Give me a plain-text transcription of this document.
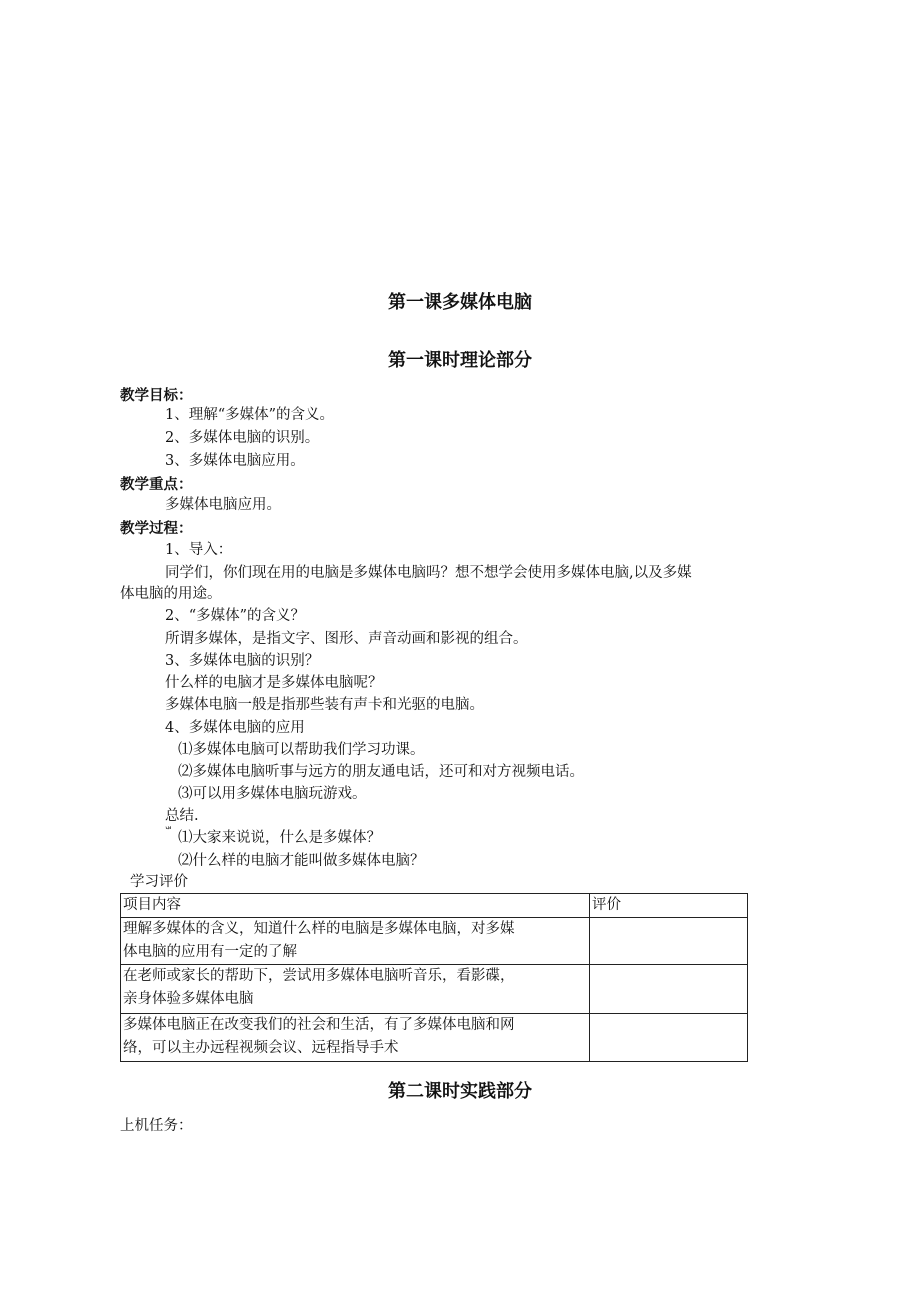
第一课多媒体电脑
第一课时理论部分
教学目标：
1、理解“多媒体”的含义。
2、多媒体电脑的识别。
3、多媒体电脑应用。
教学重点：
多媒体电脑应用。
教学过程：
1、导入：
同学们，你们现在用的电脑是多媒体电脑吗？想不想学会使用多媒体电脑,以及多媒
体电脑的用途。
2、“多媒体”的含义？
所谓多媒体，是指文字、图形、声音动画和影视的组合。
3、多媒体电脑的识别？
什么样的电脑才是多媒体电脑呢？
多媒体电脑一般是指那些装有声卡和光驱的电脑。
4、多媒体电脑的应用
⑴多媒体电脑可以帮助我们学习功课。
⑵多媒体电脑听事与远方的朋友通电话，还可和对方视频电话。
⑶可以用多媒体电脑玩游戏。
总结.
ᄖ ⑴大家来说说，什么是多媒体？
⑵什么样的电脑才能叫做多媒体电脑？
学习评价
项目内容	评价

理解多媒体的含义，知道什么样的电脑是多媒体电脑，对多媒
体电脑的应用有一定的了解	

在老师或家长的帮助下，尝试用多媒体电脑听音乐，看影碟，
亲身体验多媒体电脑	

多媒体电脑正在改变我们的社会和生活，有了多媒体电脑和网
络，可以主办远程视频会议、远程指导手术	

第二课时实践部分
上机任务：
